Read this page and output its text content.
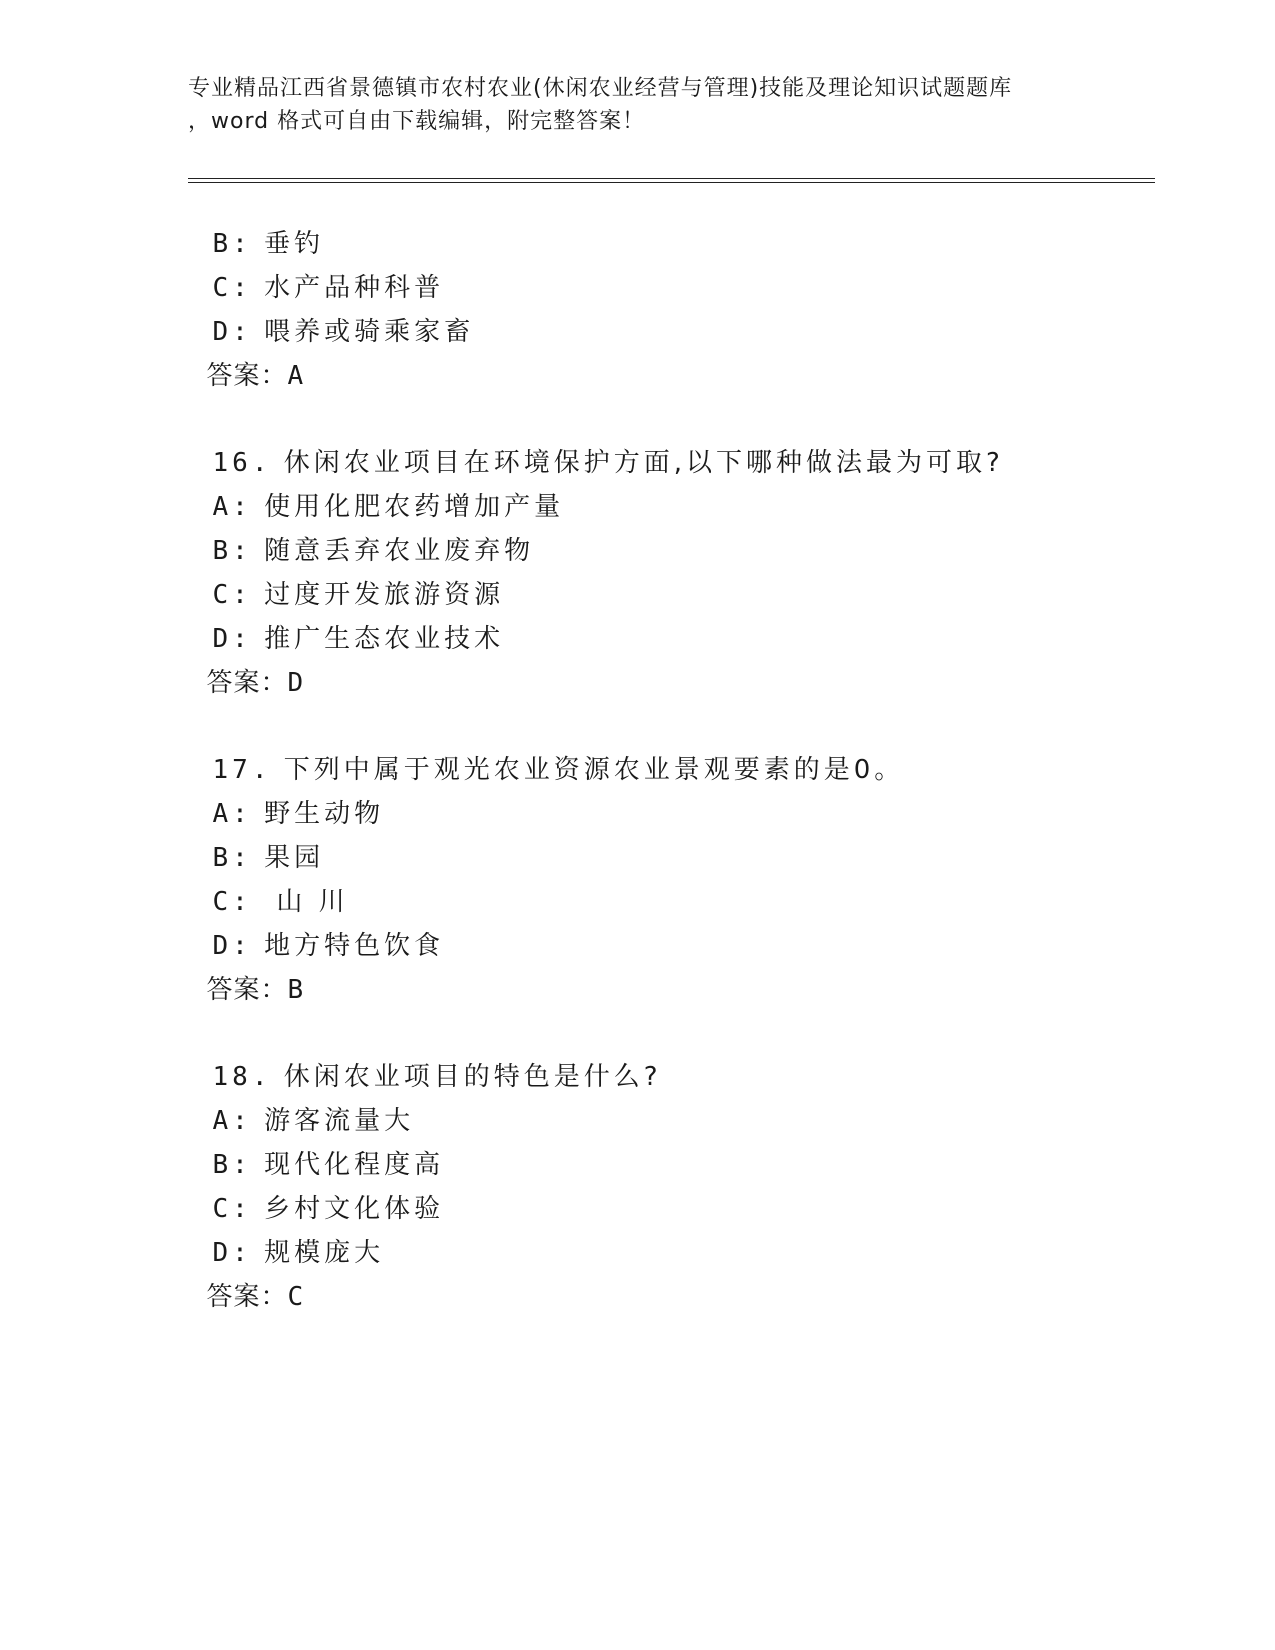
专业精品江西省景德镇市农村农业(休闲农业经营与管理)技能及理论知识试题题库
，word 格式可自由下载编辑，附完整答案！

B: 垂钓

C: 水产品种科普

D: 喂养或骑乘家畜

答案：A

16. 休闲农业项目在环境保护方面,以下哪种做法最为可取?

A: 使用化肥农药增加产量

B: 随意丢弃农业废弃物

C: 过度开发旅游资源

D: 推广生态农业技术

答案：D

17. 下列中属于观光农业资源农业景观要素的是0。

A: 野生动物

B: 果园

C:  山 川

D: 地方特色饮食

答案：B

18. 休闲农业项目的特色是什么?

A: 游客流量大

B: 现代化程度高

C: 乡村文化体验

D: 规模庞大

答案：C
